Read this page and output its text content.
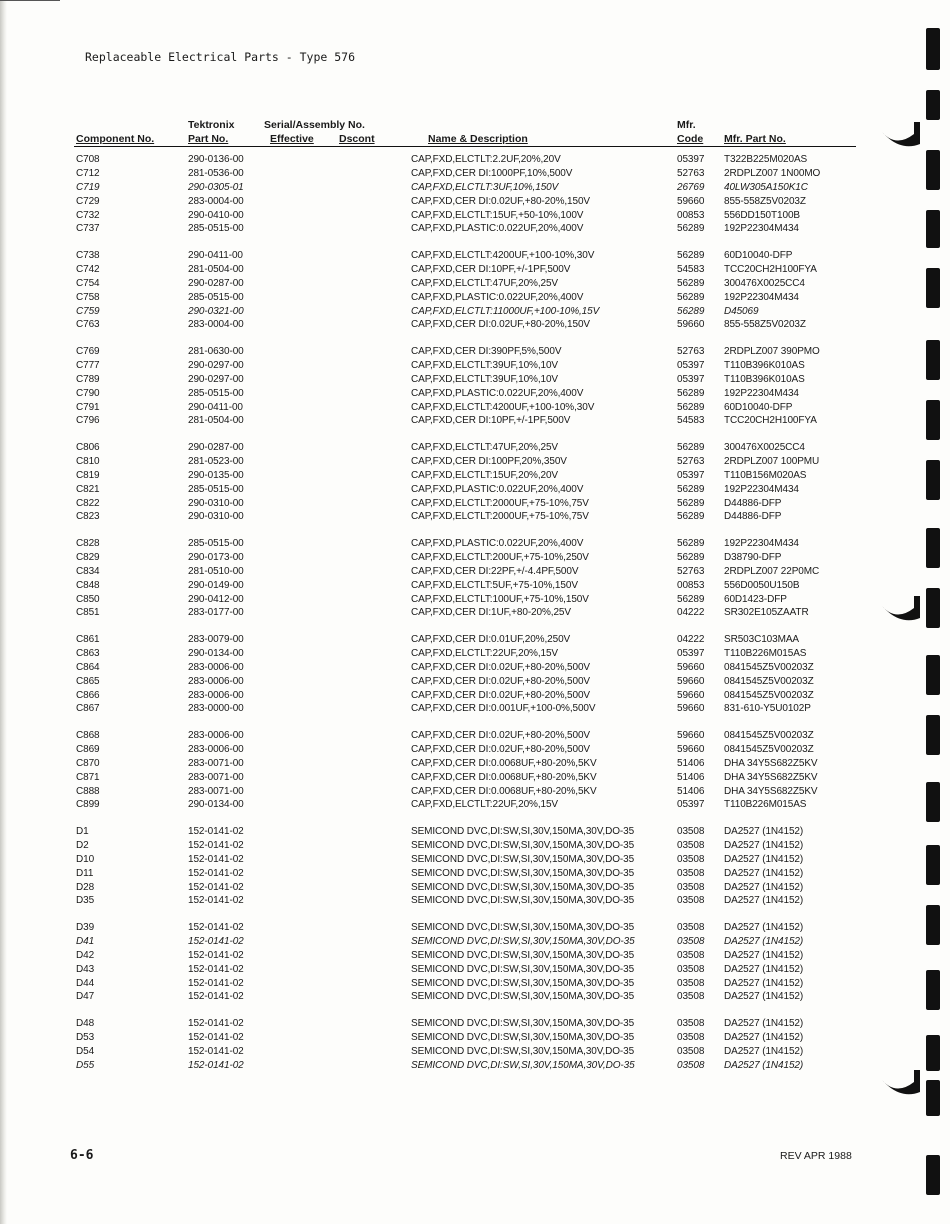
Replaceable Electrical Parts - Type 576
Tektronix	Serial/Assembly No.	Mfr.
Component No.	Part No.	Effective Dscont	Name & Description	Code Mfr. Part No.
C708	290-0136-00	CAP,FXD,ELCTLT:2.2UF,20%,20V	05397 T322B225M020AS
C712	281-0536-00	CAP,FXD,CER DI:1000PF,10%,500V	52763 2RDPLZ007 1N00MO
C719	290-0305-01	CAP,FXD,ELCTLT:3UF,10%,150V	26769 40LW305A150K1C
C729	283-0004-00	CAP,FXD,CER DI:0.02UF,+80-20%,150V	59660 855-558Z5V0203Z
C732	290-0410-00	CAP,FXD,ELCTLT:15UF,+50-10%,100V	00853 556DD150T100B
C737	285-0515-00	CAP,FXD,PLASTIC:0.022UF,20%,400V	56289 192P22304M434
C738	290-0411-00	CAP,FXD,ELCTLT:4200UF,+100-10%,30V	56289 60D10040-DFP
C742	281-0504-00	CAP,FXD,CER DI:10PF,+/-1PF,500V	54583 TCC20CH2H100FYA
C754	290-0287-00	CAP,FXD,ELCTLT:47UF,20%,25V	56289 300476X0025CC4
C758	285-0515-00	CAP,FXD,PLASTIC:0.022UF,20%,400V	56289 192P22304M434
C759	290-0321-00	CAP,FXD,ELCTLT:11000UF,+100-10%,15V	56289 D45069
C763	283-0004-00	CAP,FXD,CER DI:0.02UF,+80-20%,150V	59660 855-558Z5V0203Z
C769	281-0630-00	CAP,FXD,CER DI:390PF,5%,500V	52763 2RDPLZ007 390PMO
C777	290-0297-00	CAP,FXD,ELCTLT:39UF,10%,10V	05397 T110B396K010AS
C789	290-0297-00	CAP,FXD,ELCTLT:39UF,10%,10V	05397 T110B396K010AS
C790	285-0515-00	CAP,FXD,PLASTIC:0.022UF,20%,400V	56289 192P22304M434
C791	290-0411-00	CAP,FXD,ELCTLT:4200UF,+100-10%,30V	56289 60D10040-DFP
C796	281-0504-00	CAP,FXD,CER DI:10PF,+/-1PF,500V	54583 TCC20CH2H100FYA
C806	290-0287-00	CAP,FXD,ELCTLT:47UF,20%,25V	56289 300476X0025CC4
C810	281-0523-00	CAP,FXD,CER DI:100PF,20%,350V	52763 2RDPLZ007 100PMU
C819	290-0135-00	CAP,FXD,ELCTLT:15UF,20%,20V	05397 T110B156M020AS
C821	285-0515-00	CAP,FXD,PLASTIC:0.022UF,20%,400V	56289 192P22304M434
C822	290-0310-00	CAP,FXD,ELCTLT:2000UF,+75-10%,75V	56289 D44886-DFP
C823	290-0310-00	CAP,FXD,ELCTLT:2000UF,+75-10%,75V	56289 D44886-DFP
C828	285-0515-00	CAP,FXD,PLASTIC:0.022UF,20%,400V	56289 192P22304M434
C829	290-0173-00	CAP,FXD,ELCTLT:200UF,+75-10%,250V	56289 D38790-DFP
C834	281-0510-00	CAP,FXD,CER DI:22PF,+/-4.4PF,500V	52763 2RDPLZ007 22P0MC
C848	290-0149-00	CAP,FXD,ELCTLT:5UF,+75-10%,150V	00853 556D0050U150B
C850	290-0412-00	CAP,FXD,ELCTLT:100UF,+75-10%,150V	56289 60D1423-DFP
C851	283-0177-00	CAP,FXD,CER DI:1UF,+80-20%,25V	04222 SR302E105ZAATR
C861	283-0079-00	CAP,FXD,CER DI:0.01UF,20%,250V	04222 SR503C103MAA
C863	290-0134-00	CAP,FXD,ELCTLT:22UF,20%,15V	05397 T110B226M015AS
C864	283-0006-00	CAP,FXD,CER DI:0.02UF,+80-20%,500V	59660 0841545Z5V00203Z
C865	283-0006-00	CAP,FXD,CER DI:0.02UF,+80-20%,500V	59660 0841545Z5V00203Z
C866	283-0006-00	CAP,FXD,CER DI:0.02UF,+80-20%,500V	59660 0841545Z5V00203Z
C867	283-0000-00	CAP,FXD,CER DI:0.001UF,+100-0%,500V	59660 831-610-Y5U0102P
C868	283-0006-00	CAP,FXD,CER DI:0.02UF,+80-20%,500V	59660 0841545Z5V00203Z
C869	283-0006-00	CAP,FXD,CER DI:0.02UF,+80-20%,500V	59660 0841545Z5V00203Z
C870	283-0071-00	CAP,FXD,CER DI:0.0068UF,+80-20%,5KV	51406 DHA 34Y5S682Z5KV
C871	283-0071-00	CAP,FXD,CER DI:0.0068UF,+80-20%,5KV	51406 DHA 34Y5S682Z5KV
C888	283-0071-00	CAP,FXD,CER DI:0.0068UF,+80-20%,5KV	51406 DHA 34Y5S682Z5KV
C899	290-0134-00	CAP,FXD,ELCTLT:22UF,20%,15V	05397 T110B226M015AS
D1	152-0141-02	SEMICOND DVC,DI:SW,SI,30V,150MA,30V,DO-35	03508 DA2527 (1N4152)
D2	152-0141-02	SEMICOND DVC,DI:SW,SI,30V,150MA,30V,DO-35	03508 DA2527 (1N4152)
D10	152-0141-02	SEMICOND DVC,DI:SW,SI,30V,150MA,30V,DO-35	03508 DA2527 (1N4152)
D11	152-0141-02	SEMICOND DVC,DI:SW,SI,30V,150MA,30V,DO-35	03508 DA2527 (1N4152)
D28	152-0141-02	SEMICOND DVC,DI:SW,SI,30V,150MA,30V,DO-35	03508 DA2527 (1N4152)
D35	152-0141-02	SEMICOND DVC,DI:SW,SI,30V,150MA,30V,DO-35	03508 DA2527 (1N4152)
D39	152-0141-02	SEMICOND DVC,DI:SW,SI,30V,150MA,30V,DO-35	03508 DA2527 (1N4152)
D41	152-0141-02	SEMICOND DVC,DI:SW,SI,30V,150MA,30V,DO-35	03508 DA2527 (1N4152)
D42	152-0141-02	SEMICOND DVC,DI:SW,SI,30V,150MA,30V,DO-35	03508 DA2527 (1N4152)
D43	152-0141-02	SEMICOND DVC,DI:SW,SI,30V,150MA,30V,DO-35	03508 DA2527 (1N4152)
D44	152-0141-02	SEMICOND DVC,DI:SW,SI,30V,150MA,30V,DO-35	03508 DA2527 (1N4152)
D47	152-0141-02	SEMICOND DVC,DI:SW,SI,30V,150MA,30V,DO-35	03508 DA2527 (1N4152)
D48	152-0141-02	SEMICOND DVC,DI:SW,SI,30V,150MA,30V,DO-35	03508 DA2527 (1N4152)
D53	152-0141-02	SEMICOND DVC,DI:SW,SI,30V,150MA,30V,DO-35	03508 DA2527 (1N4152)
D54	152-0141-02	SEMICOND DVC,DI:SW,SI,30V,150MA,30V,DO-35	03508 DA2527 (1N4152)
D55	152-0141-02	SEMICOND DVC,DI:SW,SI,30V,150MA,30V,DO-35	03508 DA2527 (1N4152)
6-6	REV APR 1988
